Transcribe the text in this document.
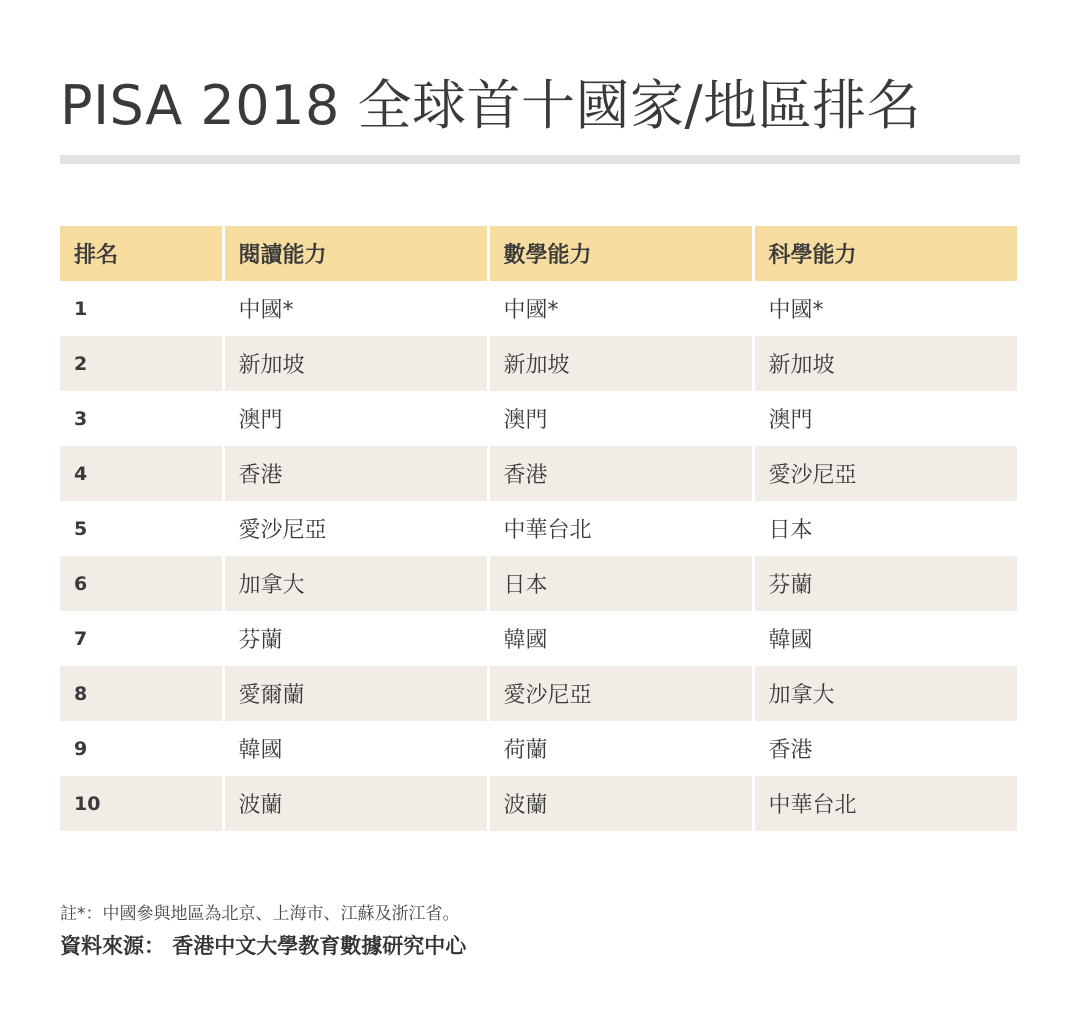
PISA 2018 全球首十國家/地區排名
排名	閱讀能力	數學能力	科學能力
1	中國*	中國*	中國*
2	新加坡	新加坡	新加坡
3	澳門	澳門	澳門
4	香港	香港	愛沙尼亞
5	愛沙尼亞	中華台北	日本
6	加拿大	日本	芬蘭
7	芬蘭	韓國	韓國
8	愛爾蘭	愛沙尼亞	加拿大
9	韓國	荷蘭	香港
10	波蘭	波蘭	中華台北
註*：中國參與地區為北京、上海市、江蘇及浙江省。
資料來源： 香港中文大學教育數據研究中心
